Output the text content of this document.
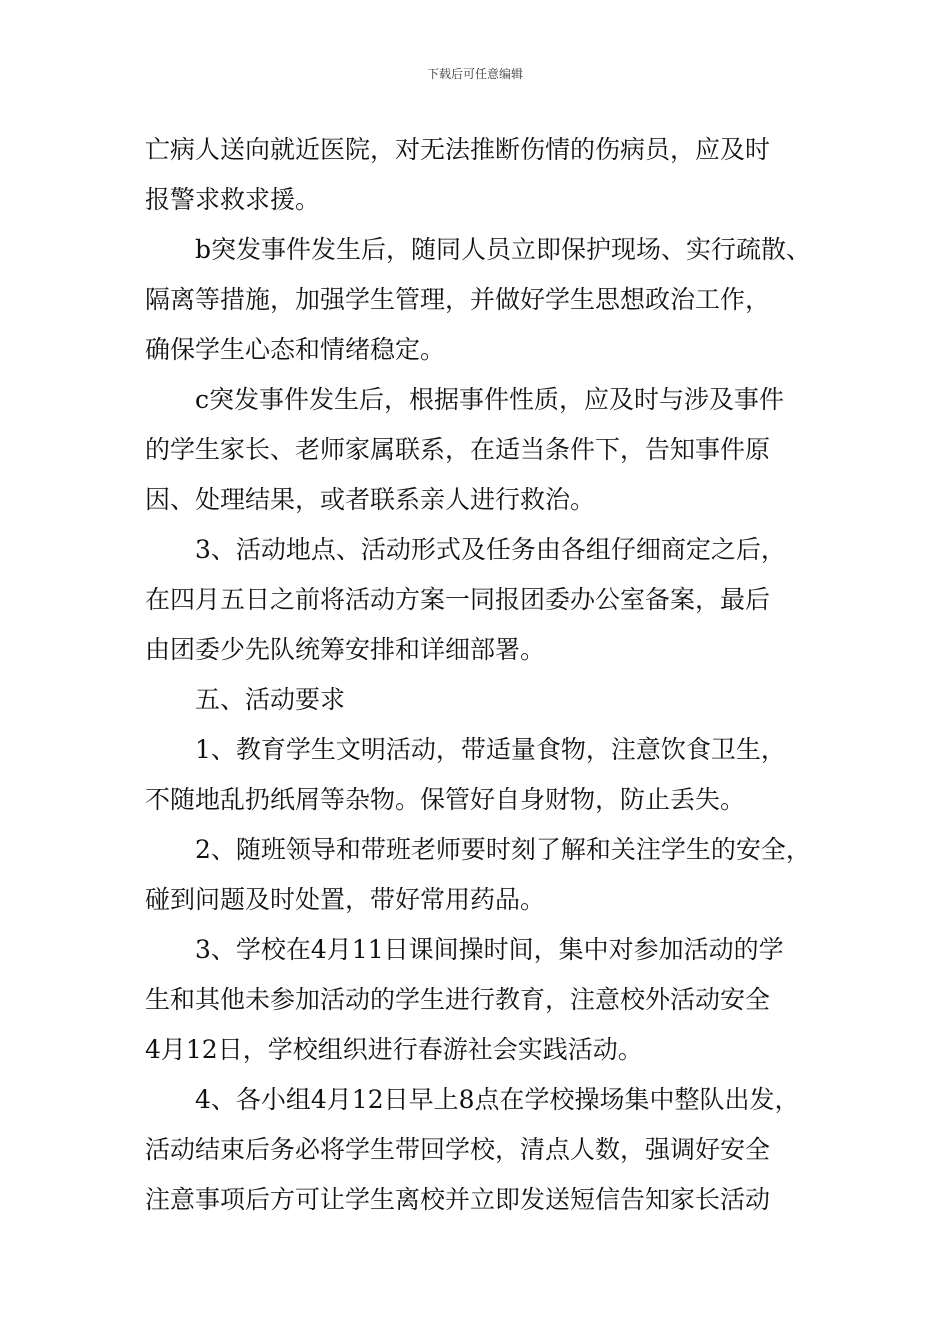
下载后可任意编辑
亡病人送向就近医院，对无法推断伤情的伤病员，应及时
报警求救求援。
b突发事件发生后，随同人员立即保护现场、实行疏散、
隔离等措施，加强学生管理，并做好学生思想政治工作，
确保学生心态和情绪稳定。
c突发事件发生后，根据事件性质，应及时与涉及事件
的学生家长、老师家属联系，在适当条件下，告知事件原
因、处理结果，或者联系亲人进行救治。
3、活动地点、活动形式及任务由各组仔细商定之后，
在四月五日之前将活动方案一同报团委办公室备案，最后
由团委少先队统筹安排和详细部署。
五、活动要求
1、教育学生文明活动，带适量食物，注意饮食卫生，
不随地乱扔纸屑等杂物。保管好自身财物，防止丢失。
2、随班领导和带班老师要时刻了解和关注学生的安全，
碰到问题及时处置，带好常用药品。
3、学校在4月11日课间操时间，集中对参加活动的学
生和其他未参加活动的学生进行教育，注意校外活动安全
4月12日，学校组织进行春游社会实践活动。
4、各小组4月12日早上8点在学校操场集中整队出发，
活动结束后务必将学生带回学校，清点人数，强调好安全
注意事项后方可让学生离校并立即发送短信告知家长活动
